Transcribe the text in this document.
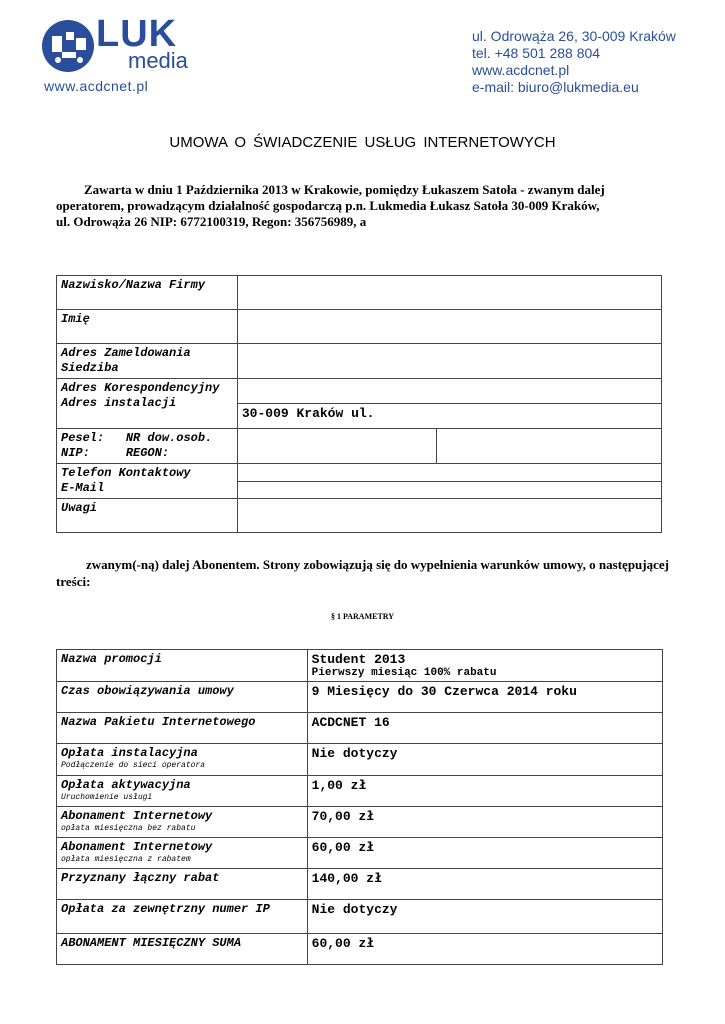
LUK
media
www.acdcnet.pl
ul. Odrowąża 26, 30-009 Kraków
tel. +48 501 288 804
www.acdcnet.pl
e-mail: biuro@lukmedia.eu
UMOWA O ŚWIADCZENIE USŁUG INTERNETOWYCH

Zawarta w dniu 1 Października 2013 w Krakowie, pomiędzy Łukaszem Satoła - zwanym dalej

operatorem, prowadzącym działalność gospodarczą p.n. Lukmedia Łukasz Satoła 30-009 Kraków,

ul. Odrowąża 26 NIP: 6772100319, Regon: 356756989, a

Nazwisko/Nazwa Firmy		
Imię		
Adres Zameldowania Siedziba		
Adres Korespondencyjny
Adres instalacji		
	30-009 Kraków ul.	
Pesel: NR dow.osob.
NIP: REGON:		
Telefon Kontaktowy
E-Mail		

Uwagi		
zwanym(-ną) dalej Abonentem. Strony zobowiązują się do wypełnienia warunków umowy, o następującej
treści:
§ 1 PARAMETRY
Nazwa promocji	Student 2013
Pierwszy miesiąc 100% rabatu

Czas obowiązywania umowy	9 Miesięcy do 30 Czerwca 2014 roku
Nazwa Pakietu Internetowego	ACDCNET 16
Opłata instalacyjna
Podłączenie do sieci operatora	Nie dotyczy
Opłata aktywacyjna
Uruchomienie usługi	1,00 zł
Abonament Internetowy
opłata miesięczna bez rabatu	70,00 zł
Abonament Internetowy
opłata miesięczna z rabatem	60,00 zł
Przyznany łączny rabat	140,00 zł
Opłata za zewnętrzny numer IP	Nie dotyczy
ABONAMENT MIESIĘCZNY SUMA	60,00 zł
